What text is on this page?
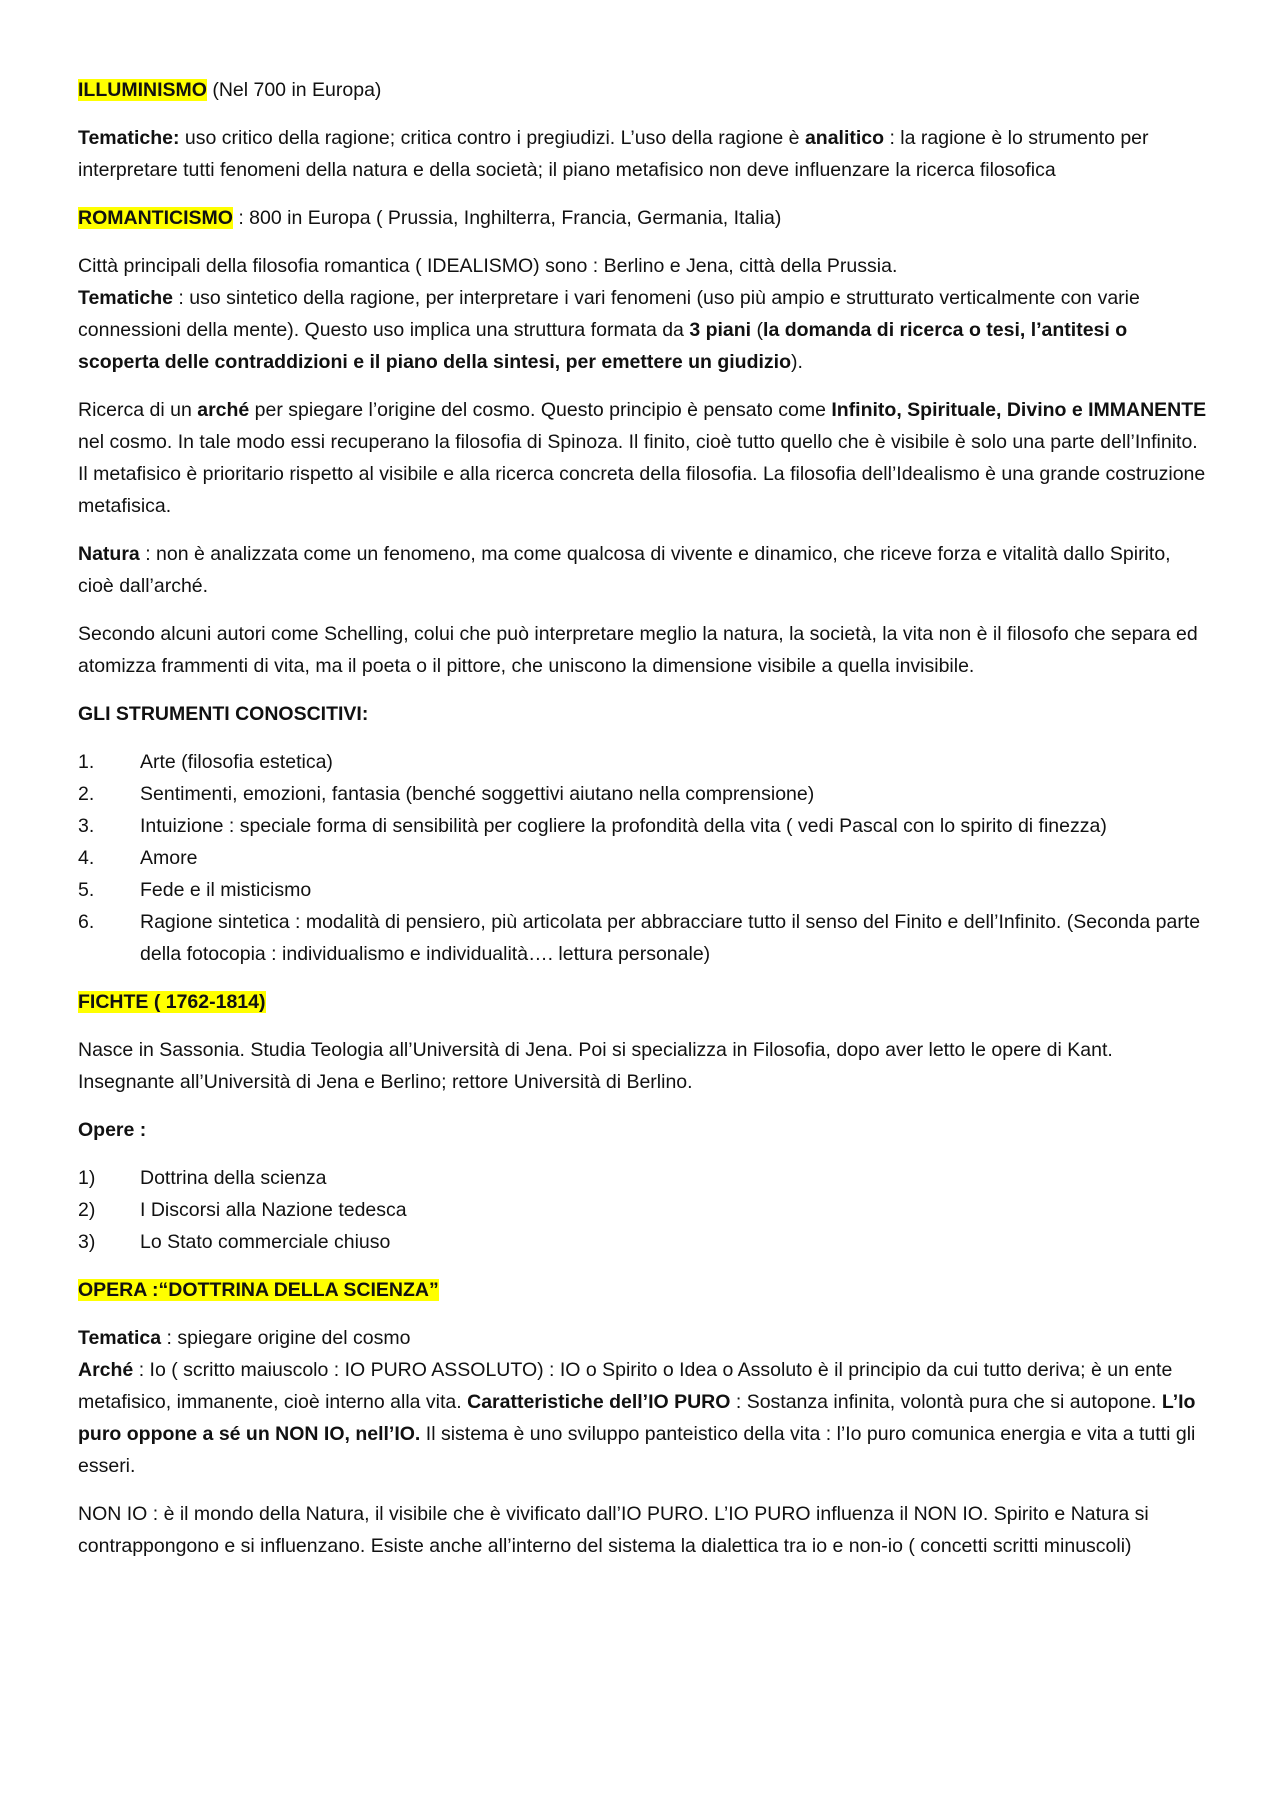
ILLUMINISMO (Nel 700 in Europa)

Tematiche: uso critico della ragione; critica contro i pregiudizi. L’uso della ragione è analitico : la ragione è lo strumento per interpretare tutti fenomeni della natura e della società; il piano metafisico non deve influenzare la ricerca filosofica

ROMANTICISMO : 800 in Europa ( Prussia, Inghilterra, Francia, Germania, Italia)

Città principali della filosofia romantica ( IDEALISMO) sono : Berlino e Jena, città della Prussia.

Tematiche : uso sintetico della ragione, per interpretare i vari fenomeni (uso più ampio e strutturato verticalmente con varie connessioni della mente). Questo uso implica una struttura formata da 3 piani (la domanda di ricerca o tesi, l’antitesi o scoperta delle contraddizioni e il piano della sintesi, per emettere un giudizio).

Ricerca di un arché per spiegare l’origine del cosmo. Questo principio è pensato come Infinito, Spirituale, Divino e IMMANENTE nel cosmo. In tale modo essi recuperano la filosofia di Spinoza. Il finito, cioè tutto quello che è visibile è solo una parte dell’Infinito. Il metafisico è prioritario rispetto al visibile e alla ricerca concreta della filosofia. La filosofia dell’Idealismo è una grande costruzione metafisica.

Natura : non è analizzata come un fenomeno, ma come qualcosa di vivente e dinamico, che riceve forza e vitalità dallo Spirito, cioè dall’arché.

Secondo alcuni autori come Schelling, colui che può interpretare meglio la natura, la società, la vita non è il filosofo che separa ed atomizza frammenti di vita, ma il poeta o il pittore, che uniscono la dimensione visibile a quella invisibile.

GLI STRUMENTI CONOSCITIVI:

1.	Arte (filosofia estetica)
2.	Sentimenti, emozioni, fantasia (benché soggettivi aiutano nella comprensione)
3.	Intuizione : speciale forma di sensibilità per cogliere la profondità della vita ( vedi Pascal con lo spirito di finezza)
4.	Amore
5.	Fede e il misticismo
6.	Ragione sintetica : modalità di pensiero, più articolata per abbracciare tutto il senso del Finito e dell’Infinito. (Seconda parte della fotocopia : individualismo e individualità…. lettura personale)

FICHTE ( 1762-1814)

Nasce in Sassonia. Studia Teologia all’Università di Jena. Poi si specializza in Filosofia, dopo aver letto le opere di Kant. Insegnante all’Università di Jena e Berlino; rettore Università di Berlino.

Opere :

1)	Dottrina della scienza
2)	I Discorsi alla Nazione tedesca
3)	Lo Stato commerciale chiuso

OPERA :“DOTTRINA DELLA SCIENZA”

Tematica : spiegare origine del cosmo

Arché : Io ( scritto maiuscolo : IO PURO ASSOLUTO) : IO o Spirito o Idea o Assoluto è il principio da cui tutto deriva; è un ente metafisico, immanente, cioè interno alla vita. Caratteristiche dell’IO PURO : Sostanza infinita, volontà pura che si autopone. L’Io puro oppone a sé un NON IO, nell’IO. Il sistema è uno sviluppo panteistico della vita : l’Io puro comunica energia e vita a tutti gli esseri.

NON IO : è il mondo della Natura, il visibile che è vivificato dall’IO PURO. L’IO PURO influenza il NON IO. Spirito e Natura si contrappongono e si influenzano. Esiste anche all’interno del sistema la dialettica tra io e non-io ( concetti scritti minuscoli)
